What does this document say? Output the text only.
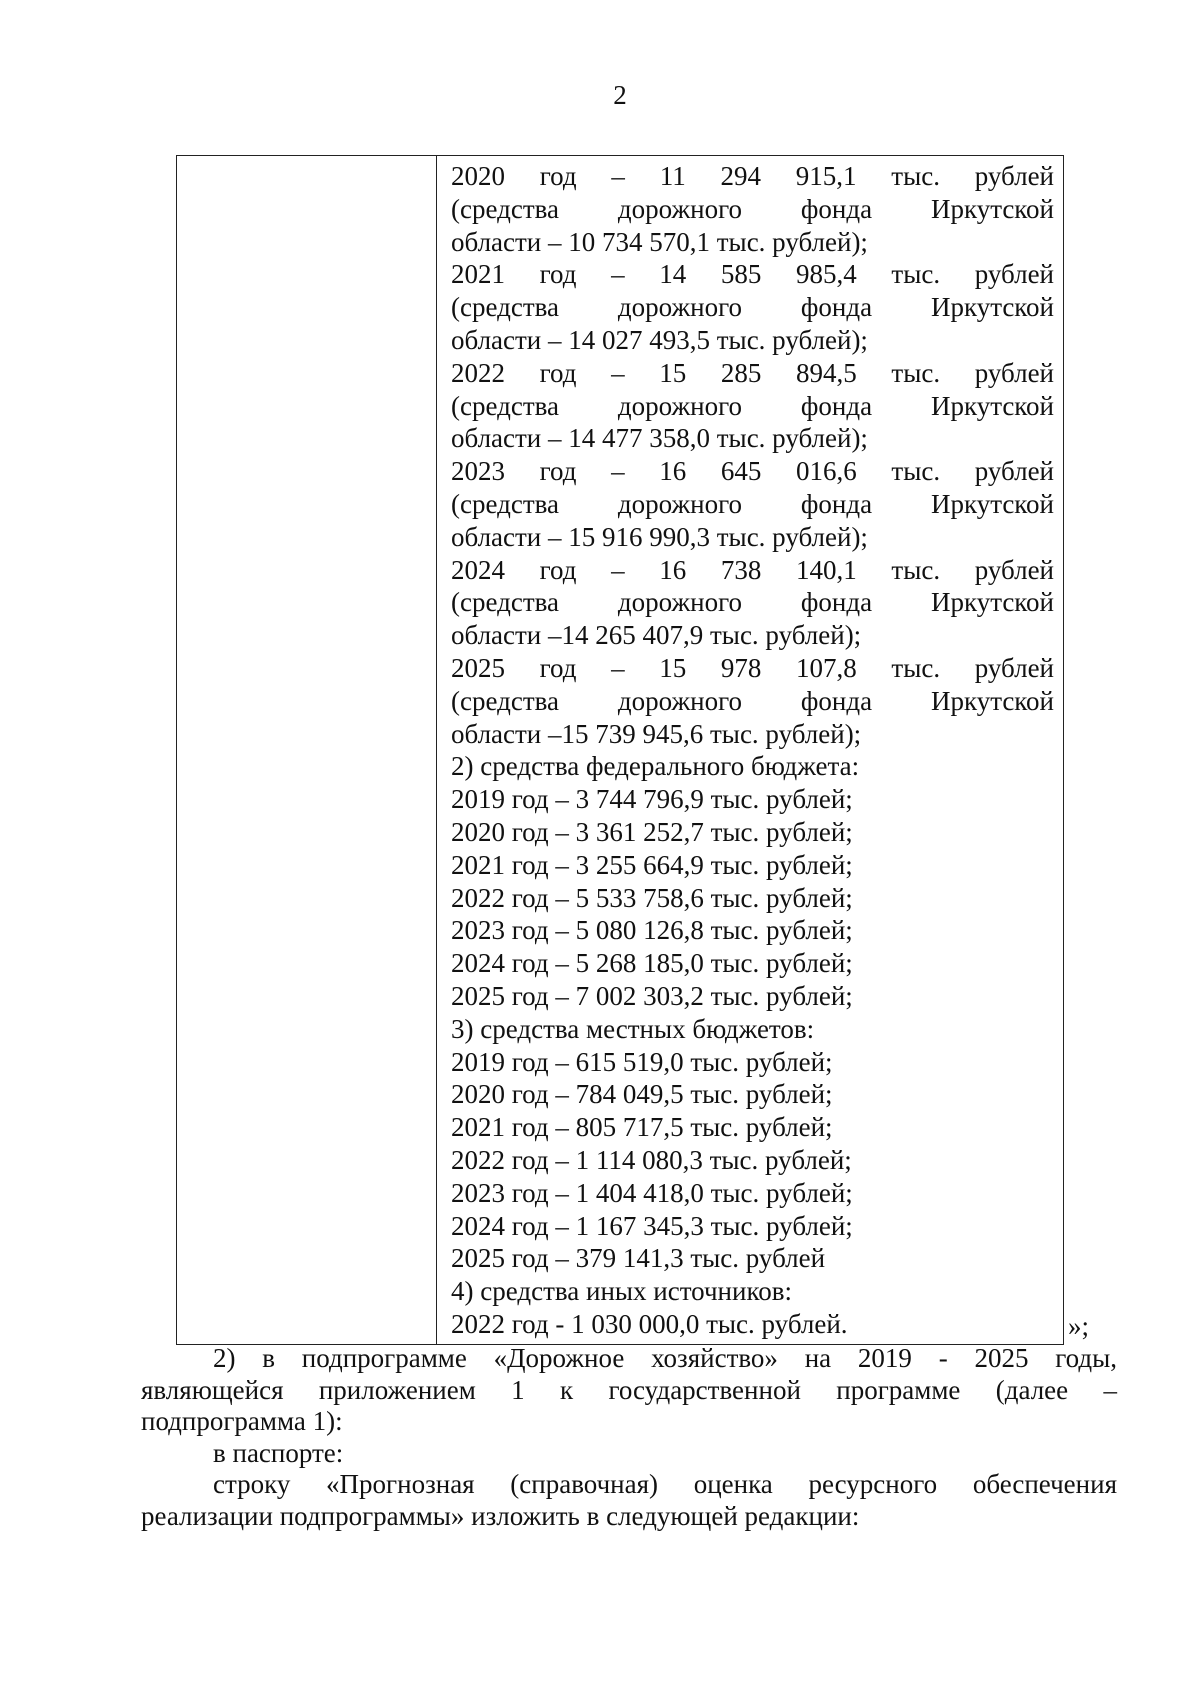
2
2020 год – 11 294 915,1 тыс. рублей
(средства дорожного фонда Иркутской
области – 10 734 570,1 тыс. рублей);
2021 год – 14 585 985,4 тыс. рублей
(средства дорожного фонда Иркутской
области – 14 027 493,5 тыс. рублей);
2022 год – 15 285 894,5 тыс. рублей
(средства дорожного фонда Иркутской
области – 14 477 358,0 тыс. рублей);
2023 год – 16 645 016,6 тыс. рублей
(средства дорожного фонда Иркутской
области – 15 916 990,3 тыс. рублей);
2024 год – 16 738 140,1 тыс. рублей
(средства дорожного фонда Иркутской
области –14 265 407,9 тыс. рублей);
2025 год – 15 978 107,8 тыс. рублей
(средства дорожного фонда Иркутской
области –15 739 945,6 тыс. рублей);
2) средства федерального бюджета:
2019 год – 3 744 796,9 тыс. рублей;
2020 год – 3 361 252,7 тыс. рублей;
2021 год – 3 255 664,9 тыс. рублей;
2022 год – 5 533 758,6 тыс. рублей;
2023 год – 5 080 126,8 тыс. рублей;
2024 год – 5 268 185,0 тыс. рублей;
2025 год – 7 002 303,2 тыс. рублей;
3) средства местных бюджетов:
2019 год – 615 519,0 тыс. рублей;
2020 год – 784 049,5 тыс. рублей;
2021 год – 805 717,5 тыс. рублей;
2022 год – 1 114 080,3 тыс. рублей;
2023 год – 1 404 418,0 тыс. рублей;
2024 год – 1 167 345,3 тыс. рублей;
2025 год – 379 141,3 тыс. рублей
4) средства иных источников:
2022 год - 1 030 000,0 тыс. рублей.	»;
2) в подпрограмме «Дорожное хозяйство» на 2019 - 2025 годы,
являющейся приложением 1 к государственной программе (далее –
подпрограмма 1):
в паспорте:
строку «Прогнозная (справочная) оценка ресурсного обеспечения
реализации подпрограммы» изложить в следующей редакции:
